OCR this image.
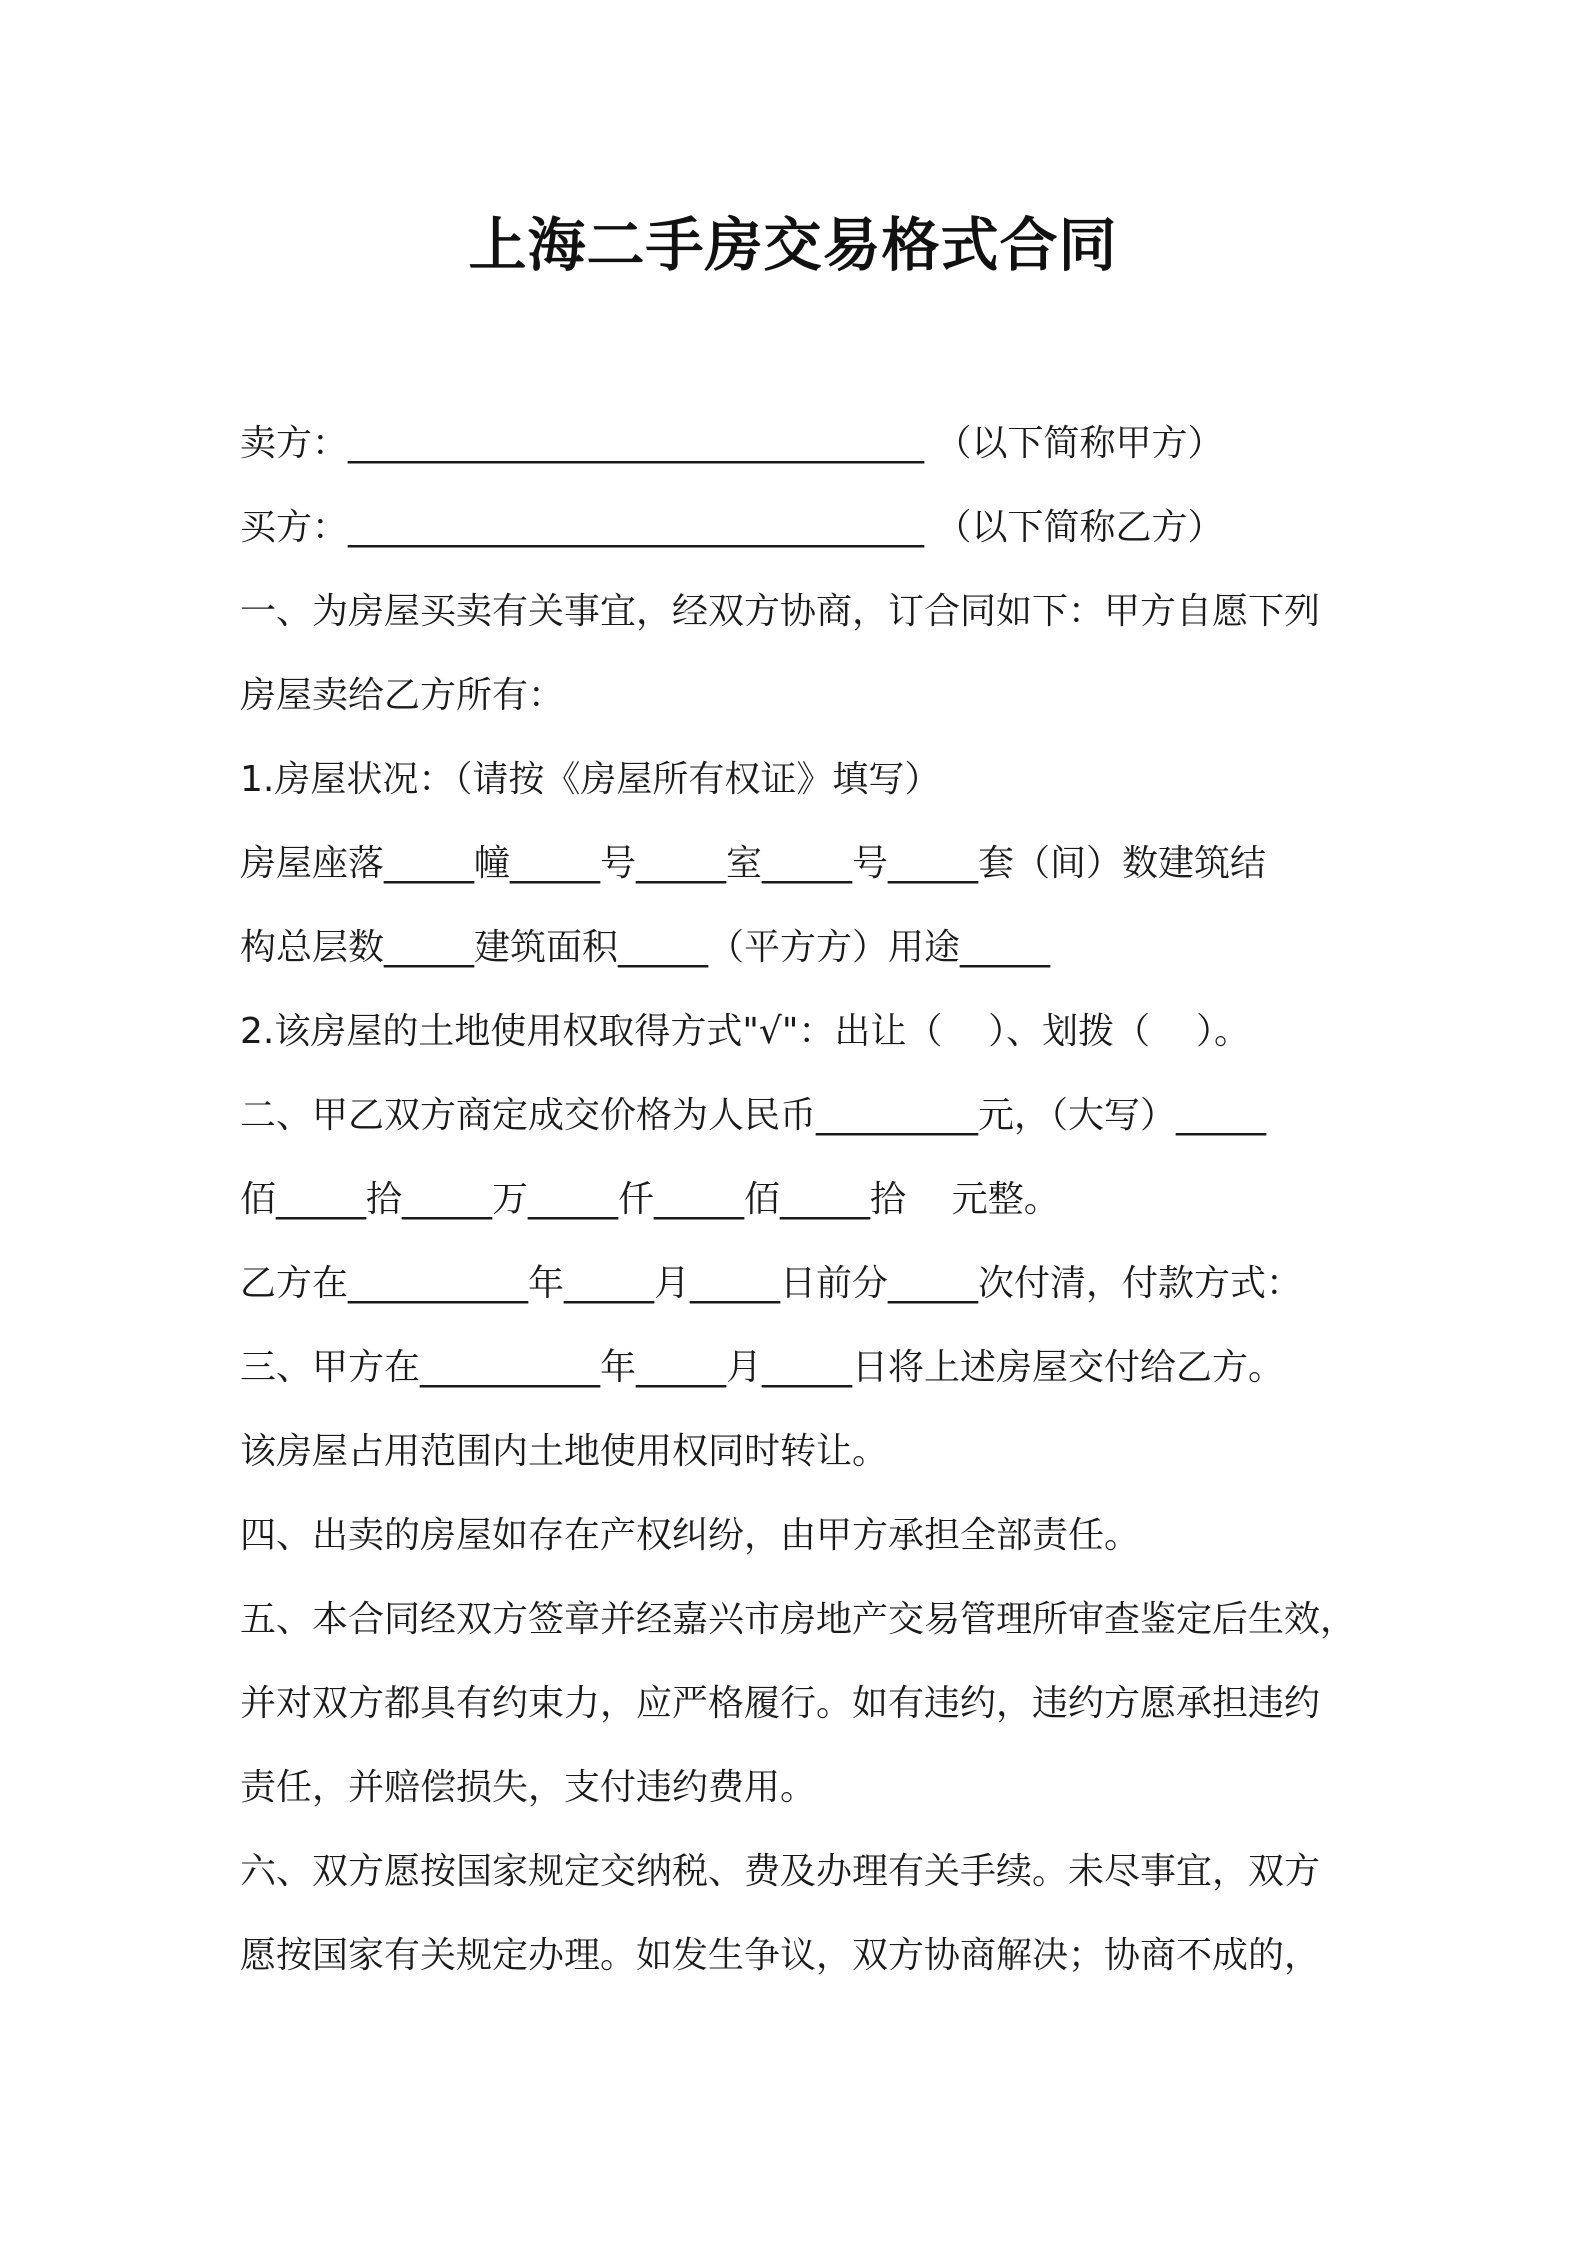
上海二手房交易格式合同
卖方：________________________________ （以下简称甲方）
买方：________________________________ （以下简称乙方）
一、为房屋买卖有关事宜，经双方协商，订合同如下：甲方自愿下列
房屋卖给乙方所有：
1.房屋状况：（请按《房屋所有权证》填写）
房屋座落_____幢_____号_____室_____号_____套（间）数建筑结
构总层数_____建筑面积_____（平方方）用途_____
2.该房屋的土地使用权取得方式"√"：出让（    ）、划拨（    ）。
二、甲乙双方商定成交价格为人民币_________元，（大写）_____
佰_____拾_____万_____仟_____佰_____拾    元整。
乙方在__________年_____月_____日前分_____次付清，付款方式：
三、甲方在__________年_____月_____日将上述房屋交付给乙方。
该房屋占用范围内土地使用权同时转让。
四、出卖的房屋如存在产权纠纷，由甲方承担全部责任。
五、本合同经双方签章并经嘉兴市房地产交易管理所审查鉴定后生效，
并对双方都具有约束力，应严格履行。如有违约，违约方愿承担违约
责任，并赔偿损失，支付违约费用。
六、双方愿按国家规定交纳税、费及办理有关手续。未尽事宜，双方
愿按国家有关规定办理。如发生争议，双方协商解决；协商不成的，
